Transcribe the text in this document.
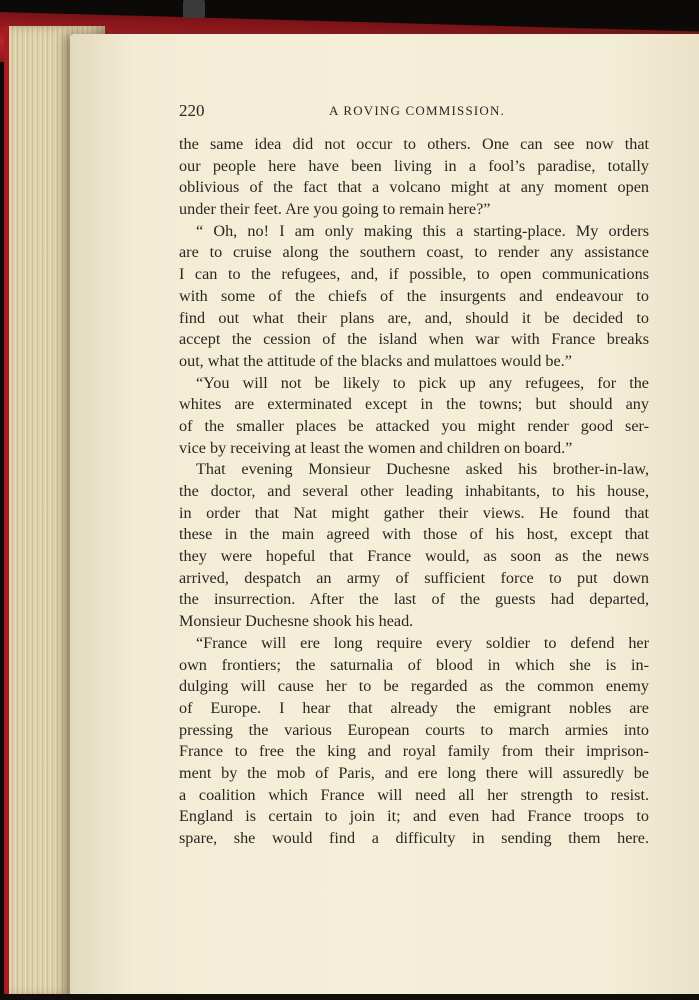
220	A ROVING COMMISSION.
the same idea did not occur to others. One can see now that
our people here have been living in a fool’s paradise, totally
oblivious of the fact that a volcano might at any moment open
under their feet. Are you going to remain here?”
“ Oh, no! I am only making this a starting-place. My orders
are to cruise along the southern coast, to render any assistance
I can to the refugees, and, if possible, to open communications
with some of the chiefs of the insurgents and endeavour to
find out what their plans are, and, should it be decided to
accept the cession of the island when war with France breaks
out, what the attitude of the blacks and mulattoes would be.”
“You will not be likely to pick up any refugees, for the
whites are exterminated except in the towns; but should any
of the smaller places be attacked you might render good ser-
vice by receiving at least the women and children on board.”
That evening Monsieur Duchesne asked his brother-in-law,
the doctor, and several other leading inhabitants, to his house,
in order that Nat might gather their views. He found that
these in the main agreed with those of his host, except that
they were hopeful that France would, as soon as the news
arrived, despatch an army of sufficient force to put down
the insurrection. After the last of the guests had departed,
Monsieur Duchesne shook his head.
“France will ere long require every soldier to defend her
own frontiers; the saturnalia of blood in which she is in-
dulging will cause her to be regarded as the common enemy
of Europe. I hear that already the emigrant nobles are
pressing the various European courts to march armies into
France to free the king and royal family from their imprison-
ment by the mob of Paris, and ere long there will assuredly be
a coalition which France will need all her strength to resist.
England is certain to join it; and even had France troops to
spare, she would find a difficulty in sending them here.
